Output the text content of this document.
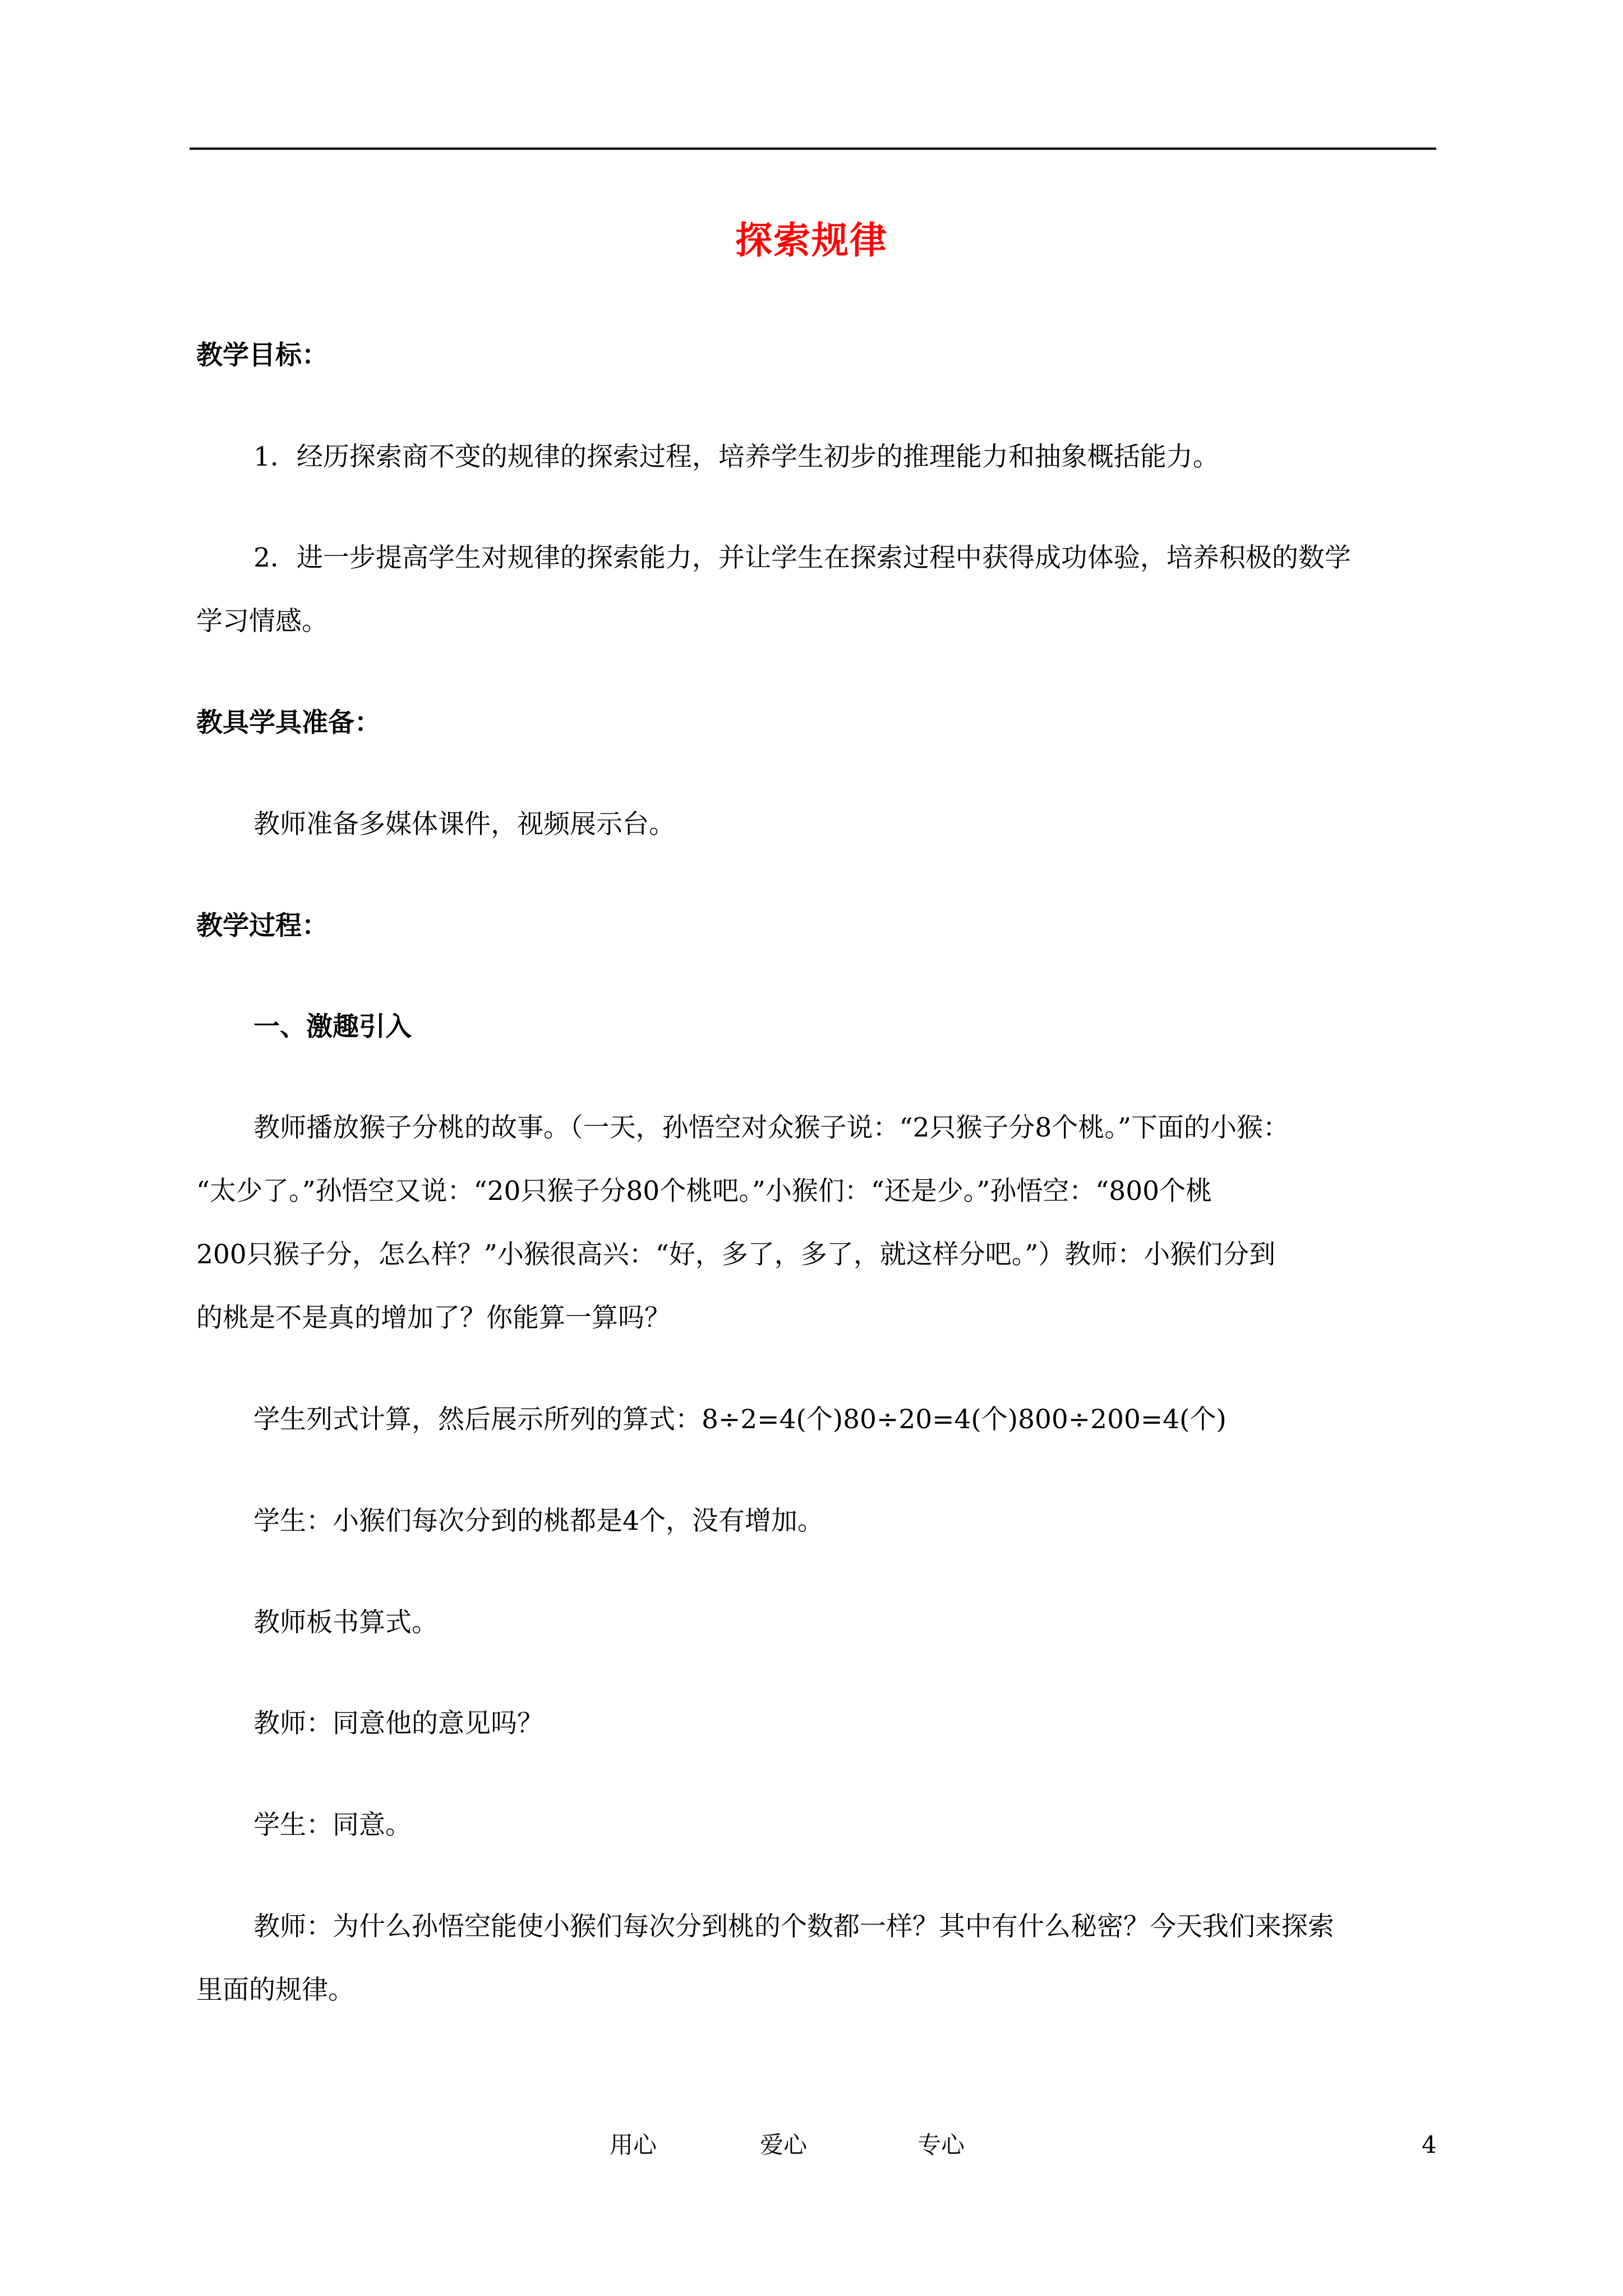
探索规律
教学目标：
1．经历探索商不变的规律的探索过程，培养学生初步的推理能力和抽象概括能力。
2．进一步提高学生对规律的探索能力，并让学生在探索过程中获得成功体验，培养积极的数学
学习情感。
教具学具准备：
教师准备多媒体课件，视频展示台。
教学过程：
一、激趣引入
教师播放猴子分桃的故事。（一天，孙悟空对众猴子说：“2只猴子分8个桃。”下面的小猴：
“太少了。”孙悟空又说：“20只猴子分80个桃吧。”小猴们：“还是少。”孙悟空：“800个桃
200只猴子分，怎么样？”小猴很高兴：“好，多了，多了，就这样分吧。”）教师：小猴们分到
的桃是不是真的增加了？你能算一算吗？
学生列式计算，然后展示所列的算式：8÷2=4(个)80÷20=4(个)800÷200=4(个)
学生：小猴们每次分到的桃都是4个，没有增加。
教师板书算式。
教师：同意他的意见吗？
学生：同意。
教师：为什么孙悟空能使小猴们每次分到桃的个数都一样？其中有什么秘密？今天我们来探索
里面的规律。
用心	爱心	专心	4
